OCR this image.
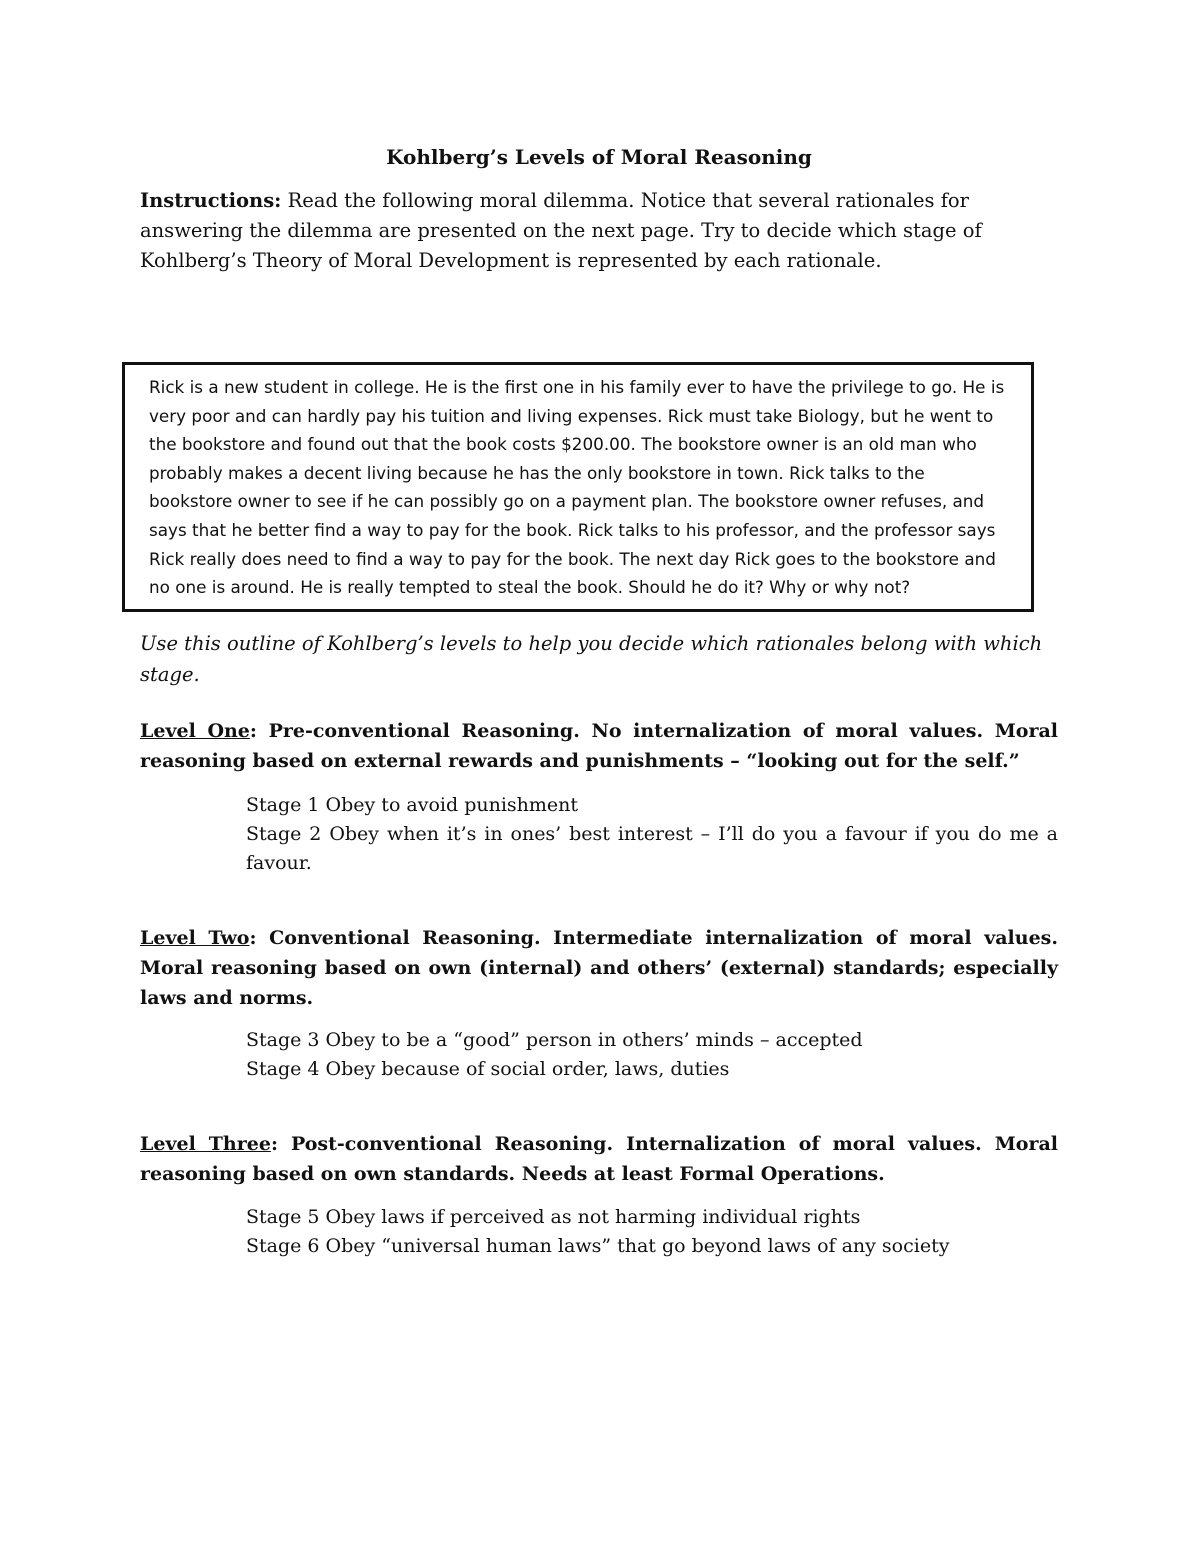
Kohlberg’s Levels of Moral Reasoning
Instructions: Read the following moral dilemma. Notice that several rationales for answering the dilemma are presented on the next page. Try to decide which stage of Kohlberg’s Theory of Moral Development is represented by each rationale.
Rick is a new student in college. He is the first one in his family ever to have the privilege to go. He is very poor and can hardly pay his tuition and living expenses. Rick must take Biology, but he went to the bookstore and found out that the book costs $200.00. The bookstore owner is an old man who probably makes a decent living because he has the only bookstore in town. Rick talks to the bookstore owner to see if he can possibly go on a payment plan. The bookstore owner refuses, and says that he better find a way to pay for the book. Rick talks to his professor, and the professor says Rick really does need to find a way to pay for the book. The next day Rick goes to the bookstore and no one is around. He is really tempted to steal the book. Should he do it? Why or why not?
Use this outline of Kohlberg’s levels to help you decide which rationales belong with which stage.
Level One: Pre-conventional Reasoning. No internalization of moral values. Moral reasoning based on external rewards and punishments – “looking out for the self.”
Stage 1 Obey to avoid punishment
Stage 2 Obey when it’s in ones’ best interest – I’ll do you a favour if you do me a favour.
Level Two: Conventional Reasoning. Intermediate internalization of moral values. Moral reasoning based on own (internal) and others’ (external) standards; especially laws and norms.
Stage 3 Obey to be a “good” person in others’ minds – accepted
Stage 4 Obey because of social order, laws, duties
Level Three: Post-conventional Reasoning. Internalization of moral values. Moral reasoning based on own standards. Needs at least Formal Operations.
Stage 5 Obey laws if perceived as not harming individual rights
Stage 6 Obey “universal human laws” that go beyond laws of any society
